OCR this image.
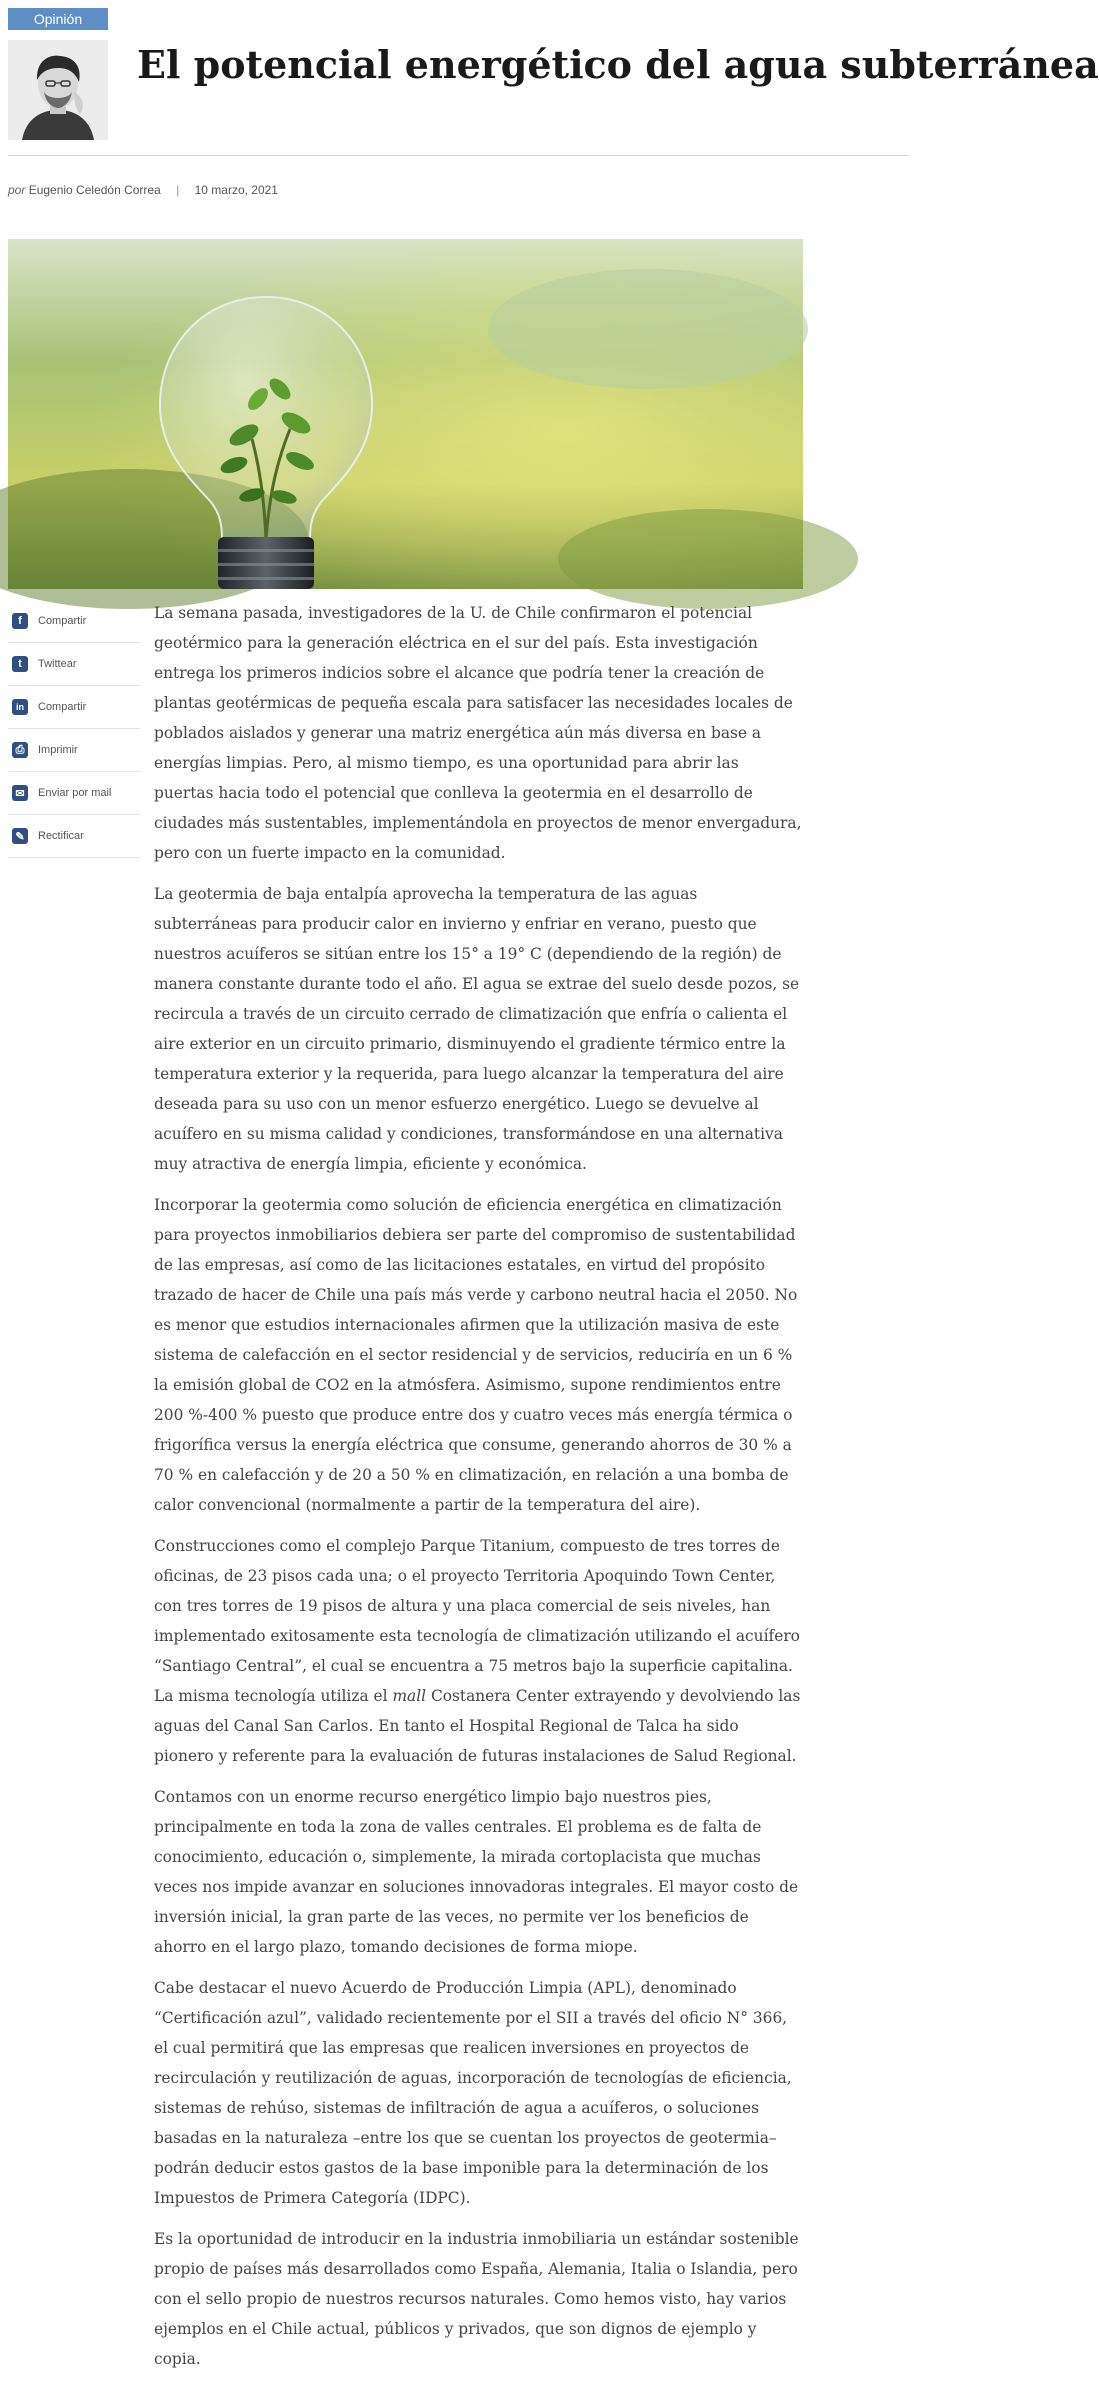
Opinión
El potencial energético del agua subterránea
por Eugenio Celedón Correa | 10 marzo, 2021
f	Compartir
t	Twittear
in	Compartir
⎙	Imprimir
✉	Enviar por mail
✎	Rectificar

La semana pasada, investigadores de la U. de Chile confirmaron el potencial geotérmico para la generación eléctrica en el sur del país. Esta investigación entrega los primeros indicios sobre el alcance que podría tener la creación de plantas geotérmicas de pequeña escala para satisfacer las necesidades locales de poblados aislados y generar una matriz energética aún más diversa en base a energías limpias. Pero, al mismo tiempo, es una oportunidad para abrir las puertas hacia todo el potencial que conlleva la geotermia en el desarrollo de ciudades más sustentables, implementándola en proyectos de menor envergadura, pero con un fuerte impacto en la comunidad.

La geotermia de baja entalpía aprovecha la temperatura de las aguas subterráneas para producir calor en invierno y enfriar en verano, puesto que nuestros acuíferos se sitúan entre los 15° a 19° C (dependiendo de la región) de manera constante durante todo el año. El agua se extrae del suelo desde pozos, se recircula a través de un circuito cerrado de climatización que enfría o calienta el aire exterior en un circuito primario, disminuyendo el gradiente térmico entre la temperatura exterior y la requerida, para luego alcanzar la temperatura del aire deseada para su uso con un menor esfuerzo energético. Luego se devuelve al acuífero en su misma calidad y condiciones, transformándose en una alternativa muy atractiva de energía limpia, eficiente y económica.

Incorporar la geotermia como solución de eficiencia energética en climatización para proyectos inmobiliarios debiera ser parte del compromiso de sustentabilidad de las empresas, así como de las licitaciones estatales, en virtud del propósito trazado de hacer de Chile una país más verde y carbono neutral hacia el 2050. No es menor que estudios internacionales afirmen que la utilización masiva de este sistema de calefacción en el sector residencial y de servicios, reduciría en un 6 % la emisión global de CO2 en la atmósfera. Asimismo, supone rendimientos entre 200 %-400 % puesto que produce entre dos y cuatro veces más energía térmica o frigorífica versus la energía eléctrica que consume, generando ahorros de 30 % a 70 % en calefacción y de 20 a 50 % en climatización, en relación a una bomba de calor convencional (normalmente a partir de la temperatura del aire).

Construcciones como el complejo Parque Titanium, compuesto de tres torres de oficinas, de 23 pisos cada una; o el proyecto Territoria Apoquindo Town Center, con tres torres de 19 pisos de altura y una placa comercial de seis niveles, han implementado exitosamente esta tecnología de climatización utilizando el acuífero “Santiago Central”, el cual se encuentra a 75 metros bajo la superficie capitalina. La misma tecnología utiliza el mall Costanera Center extrayendo y devolviendo las aguas del Canal San Carlos. En tanto el Hospital Regional de Talca ha sido pionero y referente para la evaluación de futuras instalaciones de Salud Regional.

Contamos con un enorme recurso energético limpio bajo nuestros pies, principalmente en toda la zona de valles centrales. El problema es de falta de conocimiento, educación o, simplemente, la mirada cortoplacista que muchas veces nos impide avanzar en soluciones innovadoras integrales. El mayor costo de inversión inicial, la gran parte de las veces, no permite ver los beneficios de ahorro en el largo plazo, tomando decisiones de forma miope.

Cabe destacar el nuevo Acuerdo de Producción Limpia (APL), denominado “Certificación azul”, validado recientemente por el SII a través del oficio N° 366, el cual permitirá que las empresas que realicen inversiones en proyectos de recirculación y reutilización de aguas, incorporación de tecnologías de eficiencia, sistemas de rehúso, sistemas de infiltración de agua a acuíferos, o soluciones basadas en la naturaleza –entre los que se cuentan los proyectos de geotermia– podrán deducir estos gastos de la base imponible para la determinación de los Impuestos de Primera Categoría (IDPC).

Es la oportunidad de introducir en la industria inmobiliaria un estándar sostenible propio de países más desarrollados como España, Alemania, Italia o Islandia, pero con el sello propio de nuestros recursos naturales. Como hemos visto, hay varios ejemplos en el Chile actual, públicos y privados, que son dignos de ejemplo y copia.
